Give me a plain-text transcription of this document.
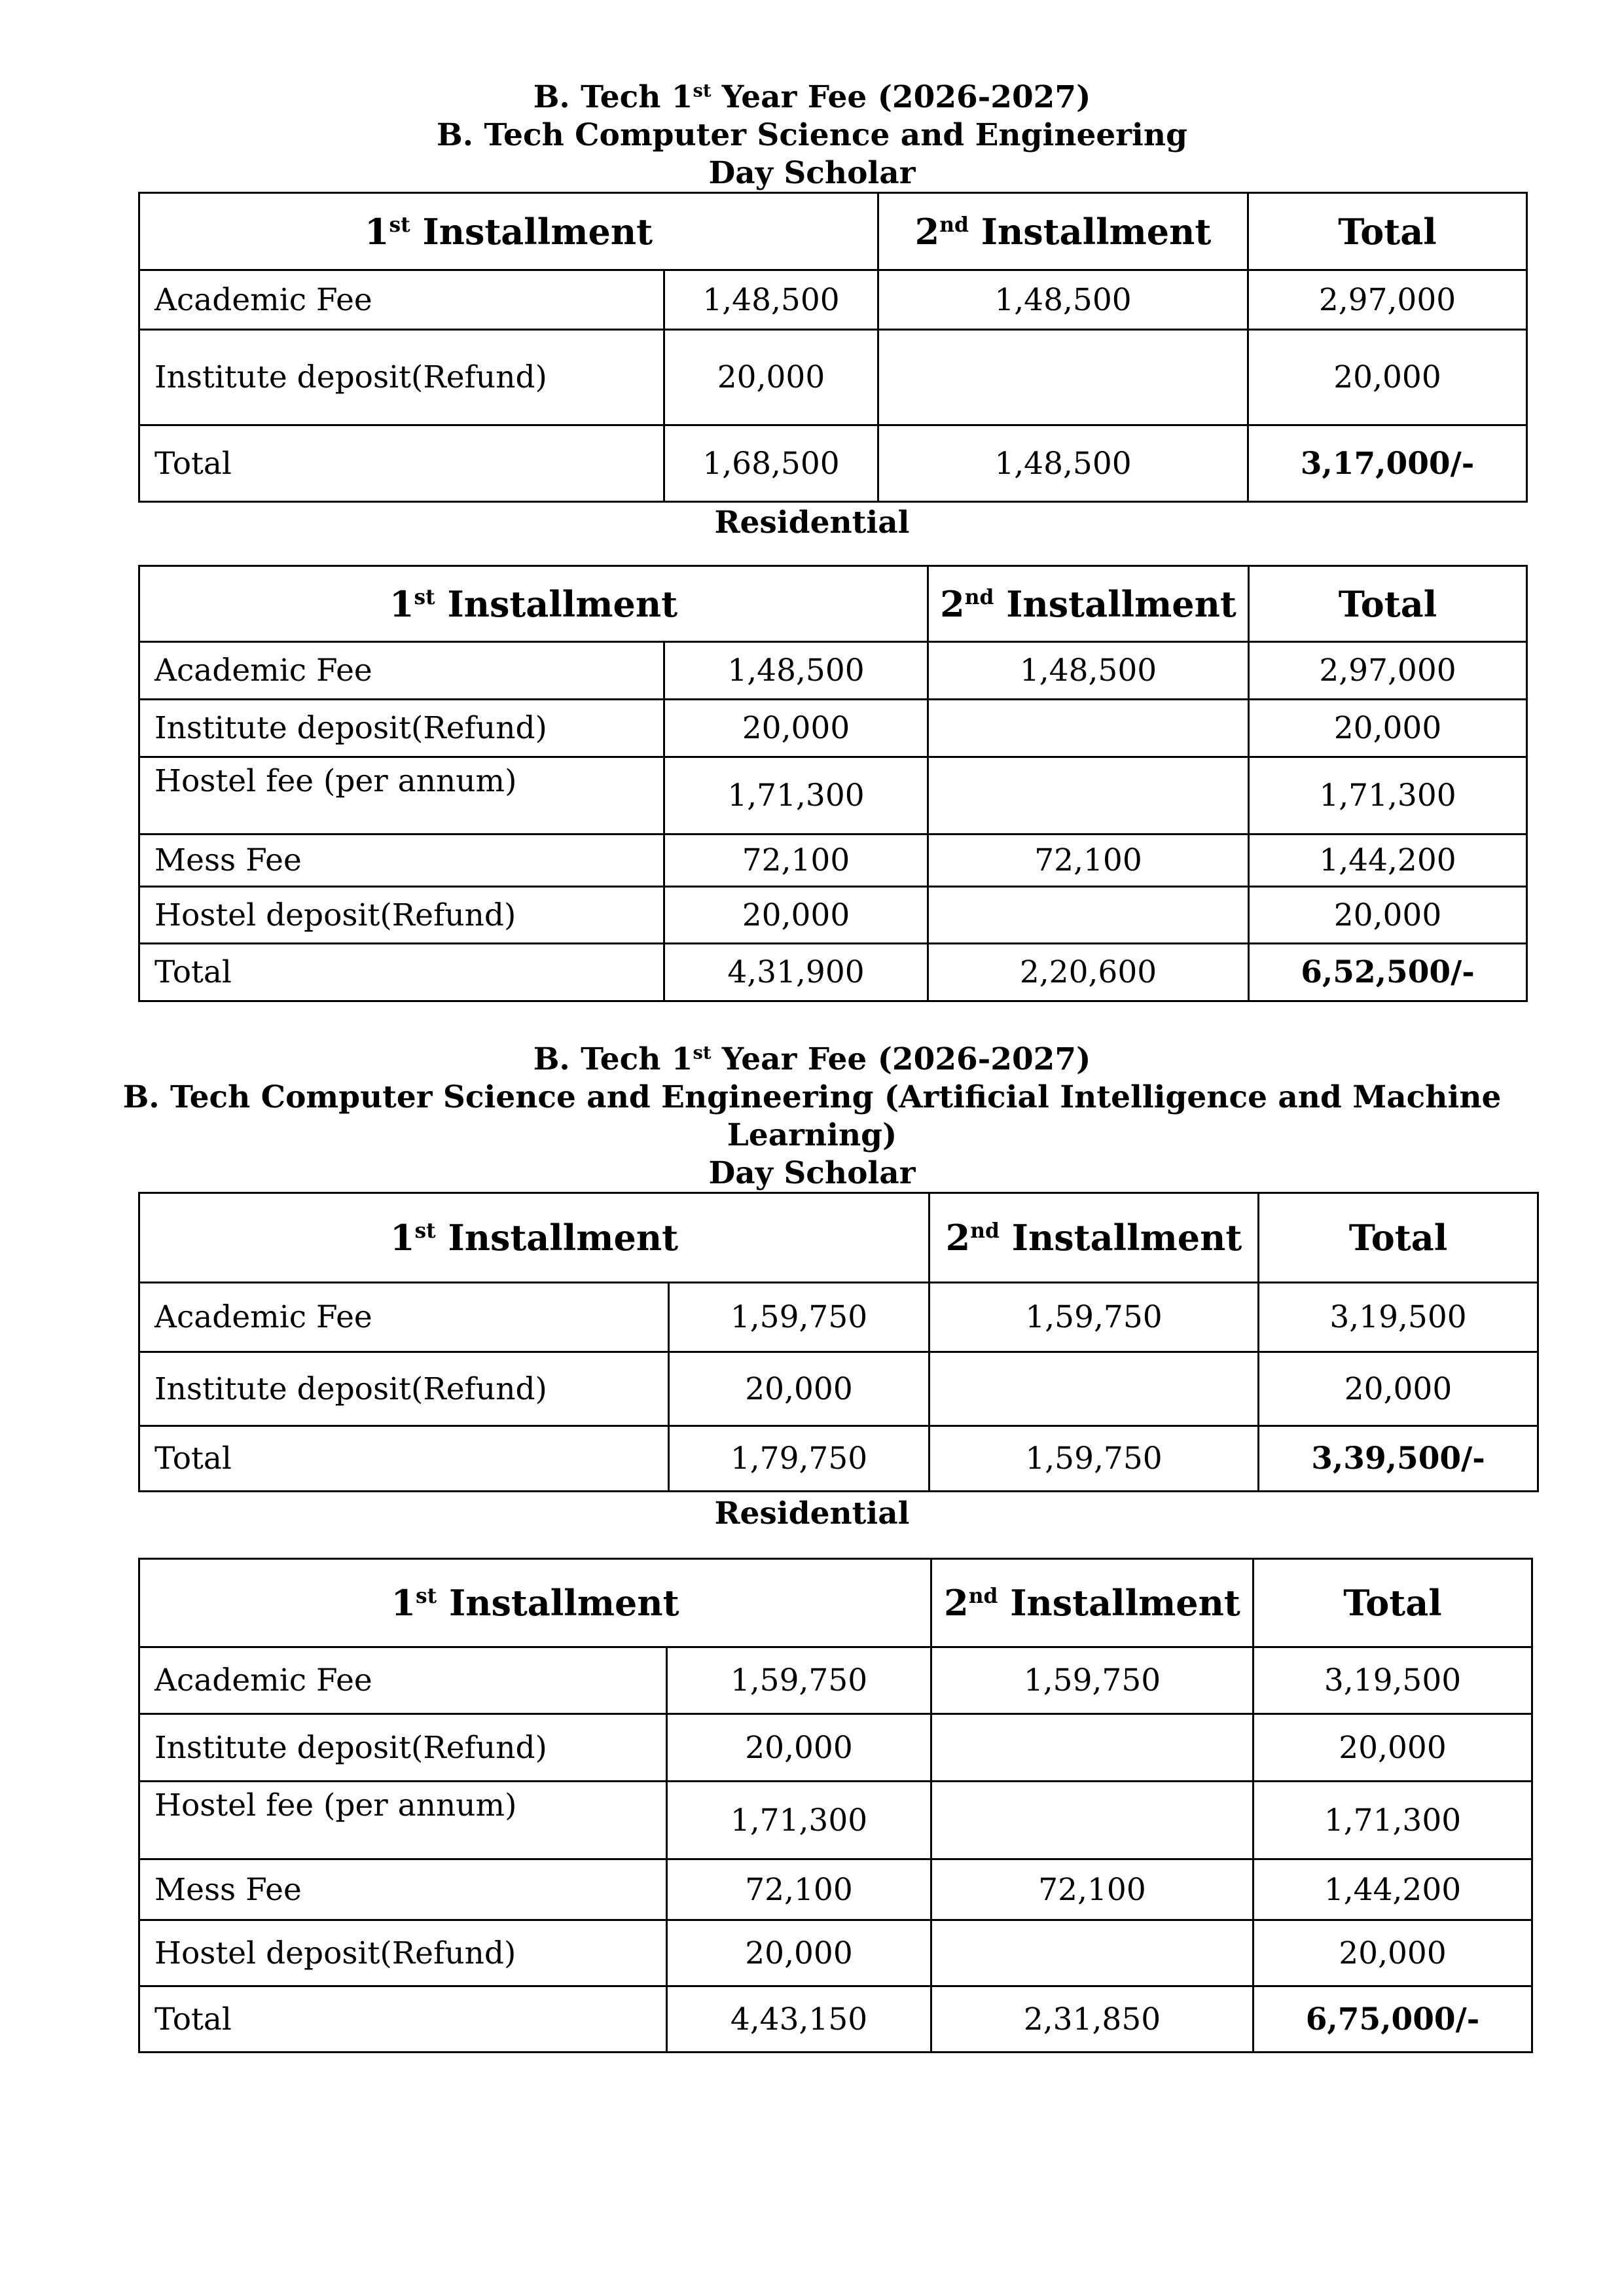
B. Tech 1st Year Fee (2026-2027)
B. Tech Computer Science and Engineering
Day Scholar
1st Installment		2nd Installment	Total
Academic Fee	1,48,500	1,48,500	2,97,000
Institute deposit(Refund)	20,000		20,000
Total	1,68,500	1,48,500	3,17,000/-
Residential
1st Installment		2nd Installment	Total
Academic Fee	1,48,500	1,48,500	2,97,000
Institute deposit(Refund)	20,000		20,000
Hostel fee (per annum)	1,71,300		1,71,300
Mess Fee	72,100	72,100	1,44,200
Hostel deposit(Refund)	20,000		20,000
Total	4,31,900	2,20,600	6,52,500/-
B. Tech 1st Year Fee (2026-2027)
B. Tech Computer Science and Engineering (Artificial Intelligence and Machine
Learning)
Day Scholar
1st Installment		2nd Installment	Total
Academic Fee	1,59,750	1,59,750	3,19,500
Institute deposit(Refund)	20,000		20,000
Total	1,79,750	1,59,750	3,39,500/-
Residential
1st Installment		2nd Installment	Total
Academic Fee	1,59,750	1,59,750	3,19,500
Institute deposit(Refund)	20,000		20,000
Hostel fee (per annum)	1,71,300		1,71,300
Mess Fee	72,100	72,100	1,44,200
Hostel deposit(Refund)	20,000		20,000
Total	4,43,150	2,31,850	6,75,000/-
